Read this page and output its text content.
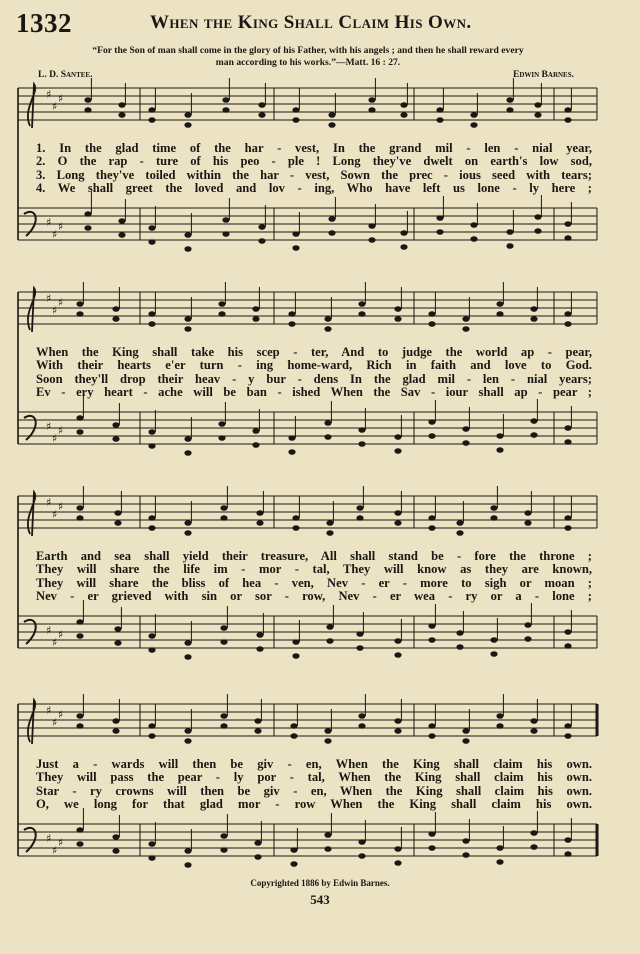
1332	When the King Shall Claim His Own.
“For the Son of man shall come in the glory of his Father, with his angels ; and then he shall reward every
man according to his works.”—Matt. 16 : 27.
L. D. Santee.	Edwin Barnes.
♯
♯
♯
♯
♯
♯
♯
♯
♯
♯
♯
♯
♯
♯
♯
♯
♯
♯
♯
♯
♯
♯
♯
♯
1. In the glad time of the har - vest, In the grand mil - len - nial year,
2. O the rap - ture of his peo - ple ! Long they've dwelt on earth's low sod,
3. Long they've toiled within the har - vest, Sown the prec - ious seed with tears;
4. We shall greet the loved and lov - ing, Who have left us lone - ly here ;
When the King shall take his scep - ter, And to judge the world ap - pear,
With their hearts e'er turn - ing home-ward, Rich in faith and love to God.
Soon they'll drop their heav - y bur - dens In the glad mil - len - nial years;
Ev - ery heart - ache will be ban - ished When the Sav - iour shall ap - pear ;
Earth and sea shall yield their treasure, All shall stand be - fore the throne ;
They will share the life im - mor - tal, They will know as they are known,
They will share the bliss of hea - ven, Nev - er - more to sigh or moan ;
Nev - er grieved with sin or sor - row, Nev - er wea - ry or a - lone ;
Just a - wards will then be giv - en, When the King shall claim his own.
They will pass the pear - ly por - tal, When the King shall claim his own.
Star - ry crowns will then be giv - en, When the King shall claim his own.
O, we long for that glad mor - row When the King shall claim his own.
Copyrighted 1886 by Edwin Barnes.
543
